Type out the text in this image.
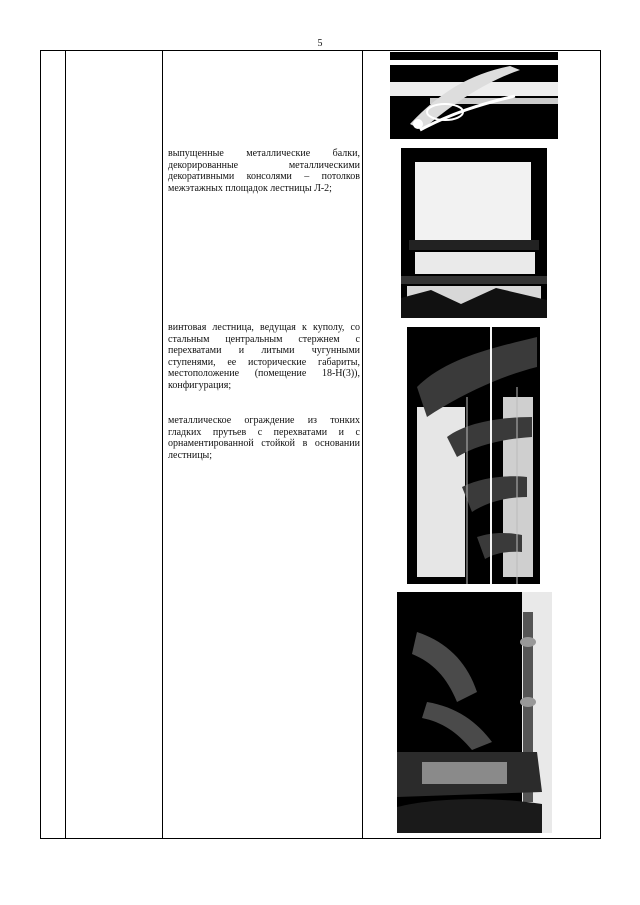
5

выпущенные металлические балки, декорированные металлическими декоративными консолями – потолков межэтажных площадок лестницы Л-2;

винтовая лестница, ведущая к куполу, со стальным центральным стержнем с перехватами и литыми чугунными ступенями, ее исторические габариты, местоположение (помещение 18-Н(3)), конфигурация;

металлическое ограждение из тонких гладких прутьев с перехватами и с орнаментированной стойкой в основании лестницы;
